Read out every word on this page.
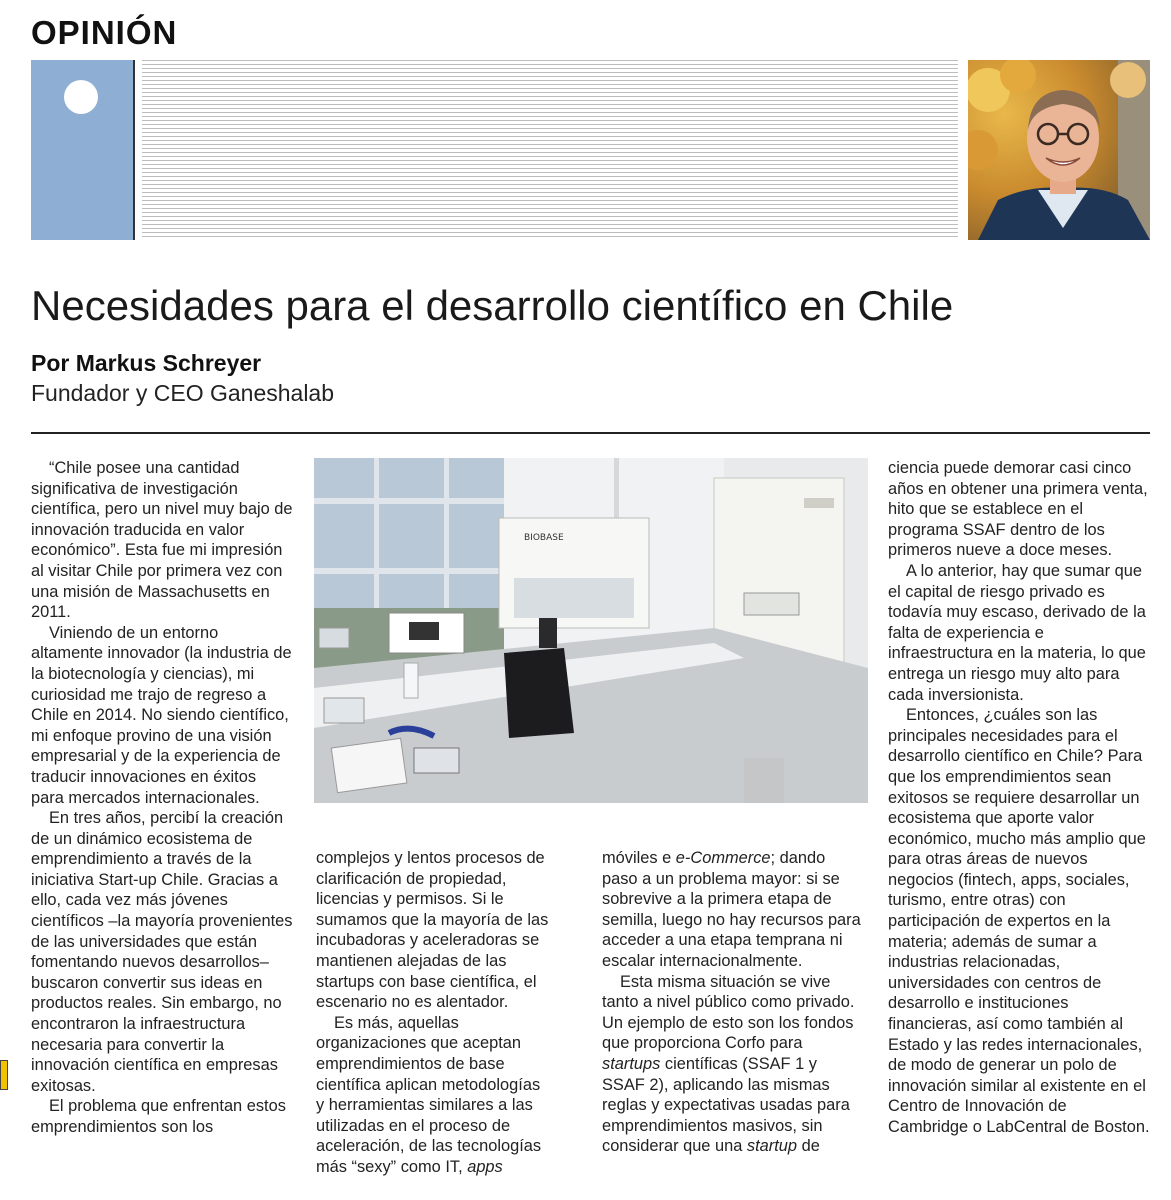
OPINIÓN
Necesidades para el desarrollo científico en Chile
Por Markus Schreyer
Fundador y CEO Ganeshalab

“Chile posee una cantidad significativa de investigación científica, pero un nivel muy bajo de innovación traducida en valor económico”. Esta fue mi impresión al visitar Chile por primera vez con una misión de Massachusetts en 2011.

Viniendo de un entorno altamente innovador (la industria de la biotecnología y ciencias), mi curiosidad me trajo de regreso a Chile en 2014. No siendo científico, mi enfoque provino de una visión empresarial y de la experiencia de traducir innovaciones en éxitos para mercados internacionales.

En tres años, percibí la creación de un dinámico ecosistema de emprendimiento a través de la iniciativa Start-up Chile. Gracias a ello, cada vez más jóvenes científicos –la mayoría provenientes de las universidades que están fomentando nuevos desarrollos– buscaron convertir sus ideas en productos reales. Sin embargo, no encontraron la infraestructura necesaria para convertir la innovación científica en empresas exitosas.

El problema que enfrentan estos emprendimientos son los

BIOBASE

complejos y lentos procesos de clarificación de propiedad, licencias y permisos. Si le sumamos que la mayoría de las incubadoras y aceleradoras se mantienen alejadas de las startups con base científica, el escenario no es alentador.

Es más, aquellas organizaciones que aceptan emprendimientos de base científica aplican metodologías y herramientas similares a las utilizadas en el proceso de aceleración, de las tecnologías más “sexy” como IT, apps

móviles e e-Commerce; dando paso a un problema mayor: si se sobrevive a la primera etapa de semilla, luego no hay recursos para acceder a una etapa temprana ni escalar internacionalmente.

Esta misma situación se vive tanto a nivel público como privado. Un ejemplo de esto son los fondos que proporciona Corfo para startups científicas (SSAF 1 y SSAF 2), aplicando las mismas reglas y expectativas usadas para emprendimientos masivos, sin considerar que una startup de

ciencia puede demorar casi cinco años en obtener una primera venta, hito que se establece en el programa SSAF dentro de los primeros nueve a doce meses.

A lo anterior, hay que sumar que el capital de riesgo privado es todavía muy escaso, derivado de la falta de experiencia e infraestructura en la materia, lo que entrega un riesgo muy alto para cada inversionista.

Entonces, ¿cuáles son las principales necesidades para el desarrollo científico en Chile? Para que los emprendimientos sean exitosos se requiere desarrollar un ecosistema que aporte valor económico, mucho más amplio que para otras áreas de nuevos negocios (fintech, apps, sociales, turismo, entre otras) con participación de expertos en la materia; además de sumar a industrias relacionadas, universidades con centros de desarrollo e instituciones financieras, así como también al Estado y las redes internacionales, de modo de generar un polo de innovación similar al existente en el Centro de Innovación de Cambridge o LabCentral de Boston.
